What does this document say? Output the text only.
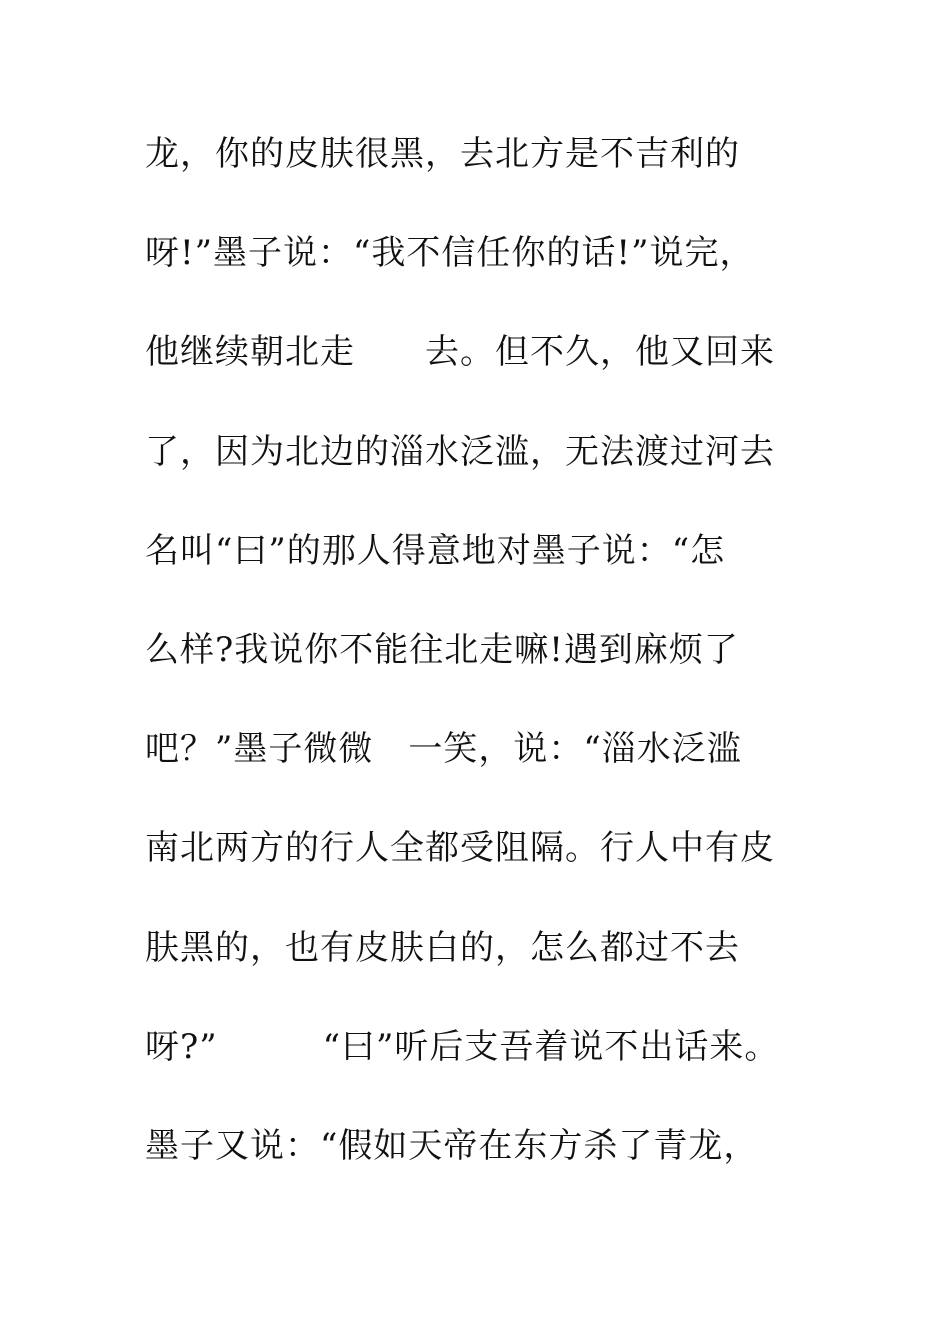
龙，你的皮肤很黑，去北方是不吉利的
呀!”墨子说：“我不信任你的话!”说完，
他继续朝北走　　去。但不久，他又回来
了，因为北边的淄水泛滥，无法渡过河去
名叫“曰”的那人得意地对墨子说：“怎
么样?我说你不能往北走嘛!遇到麻烦了
吧？”墨子微微　一笑，说：“淄水泛滥
南北两方的行人全都受阻隔。行人中有皮
肤黑的，也有皮肤白的，怎么都过不去
呀?”　　　“曰”听后支吾着说不出话来。
墨子又说：“假如天帝在东方杀了青龙，
